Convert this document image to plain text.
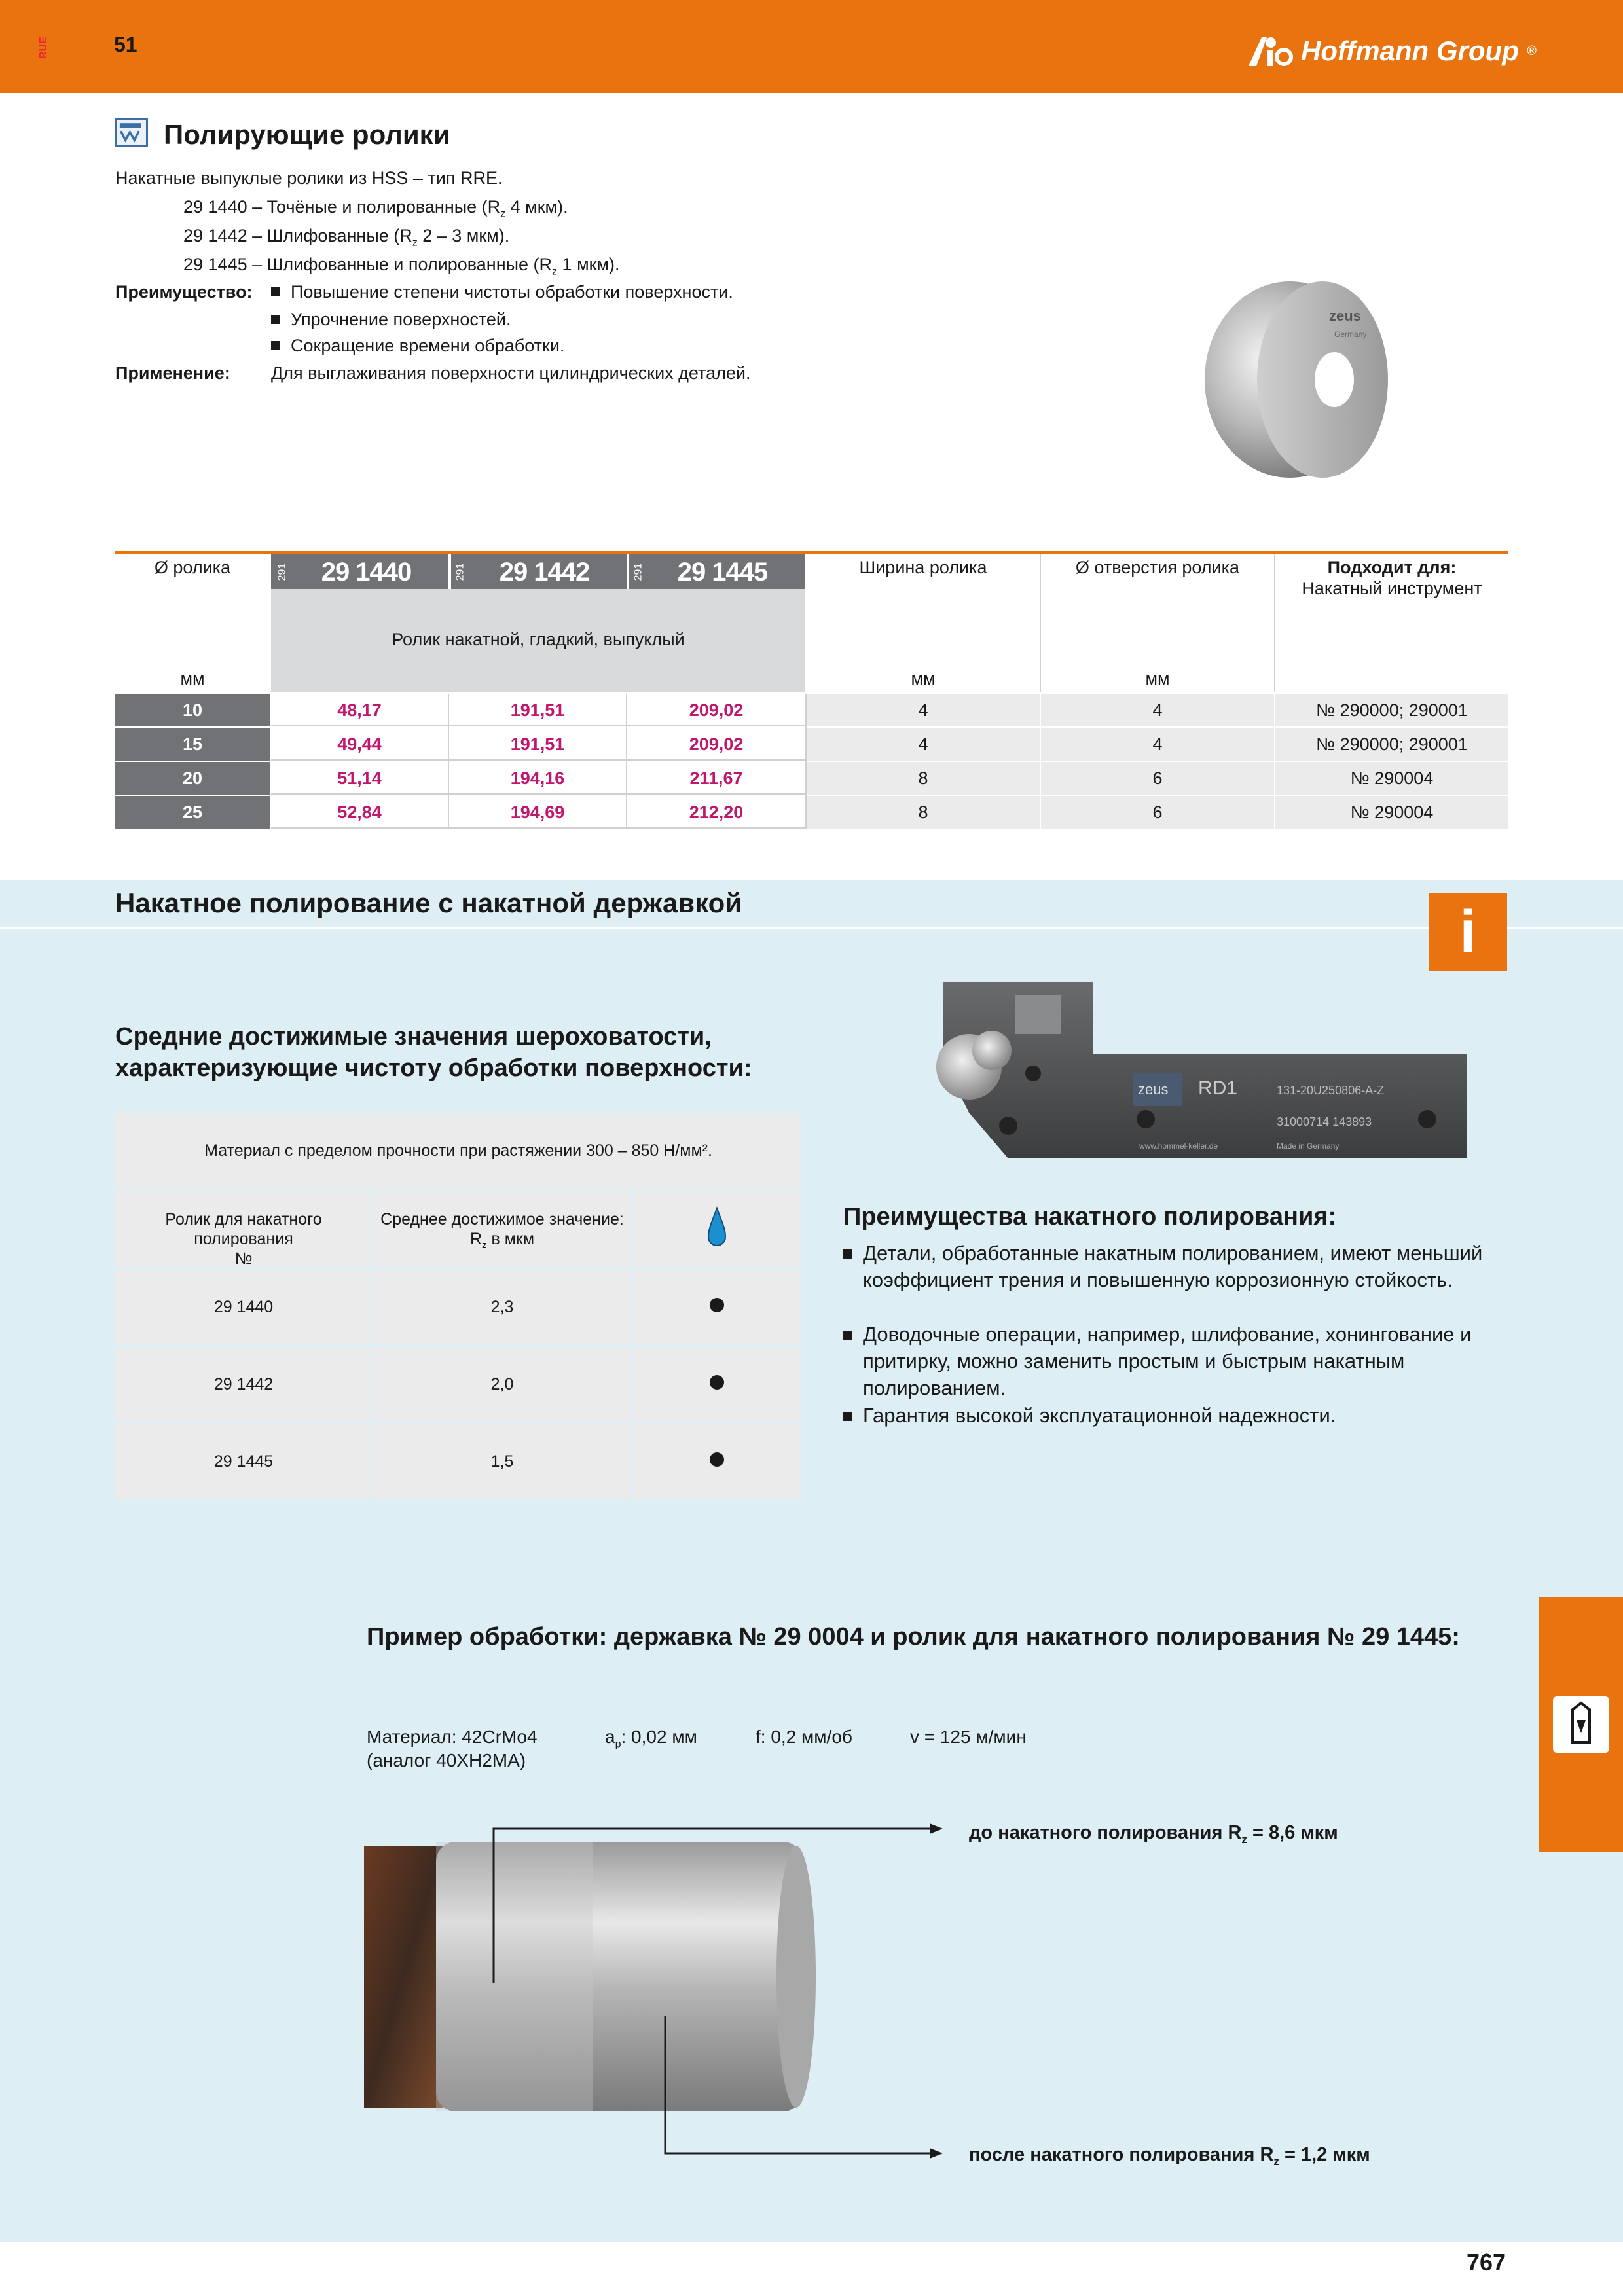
RUE	51	Hoffmann Group ®
Полирующие ролики
Накатные выпуклые ролики из HSS – тип RRE.
29 1440 – Точёные и полированные ($R_z$ 4 мкм).
29 1442 – Шлифованные ($R_z$ 2 – 3 мкм).
29 1445 – Шлифованные и полированные ($R_z$ 1 мкм).
Преимущество:	Повышение степени чистоты обработки поверхности.
Упрочнение поверхностей.
Сокращение времени обработки.
Применение: Для выглаживания поверхности цилиндрических деталей.
zeus
Germany
Ø ролика
мм
291 29 1440	291 29 1442	291 29 1445
Ролик накатной, гладкий, выпуклый
Ширина ролика
мм
Ø отверстия ролика
мм
Подходит для:
Накатный инструмент
10	48,17	191,51	209,02	4	4	№ 290000; 290001
15	49,44	191,51	209,02	4	4	№ 290000; 290001
20	51,14	194,16	211,67	8	6	№ 290004
25	52,84	194,69	212,20	8	6	№ 290004
Накатное полирование с накатной державкой	i
zeus RD1	131-20U250806-A-Z
31000714 143893
www.hommel-keller.de	Made in Germany
Средние достижимые значения шероховатости,
характеризующие чистоту обработки поверхности:
Материал с пределом прочности при растяжении 300 – 850 Н/мм².
Ролик для накатного полирования
№
Среднее достижимое значение:
$R_z$ в мкм
29 1440	2,3
29 1442	2,0
29 1445	1,5
Преимущества накатного полирования:
Детали, обработанные накатным полированием, имеют меньший коэффициент трения и повышенную коррозионную стойкость.
Доводочные операции, например, шлифование, хонингование и притирку, можно заменить простым и быстрым накатным полированием.
Гарантия высокой эксплуатационной надежности.
Пример обработки: державка № 29 0004 и ролик для накатного полирования № 29 1445:
Материал: 42CrMo4
(аналог 40ХН2МА)
$a_p$: 0,02 мм	f: 0,2 мм/об	v = 125 м/мин
до накатного полирования $R_z = 8,6$ мкм
после накатного полирования $R_z = 1,2$ мкм
767
